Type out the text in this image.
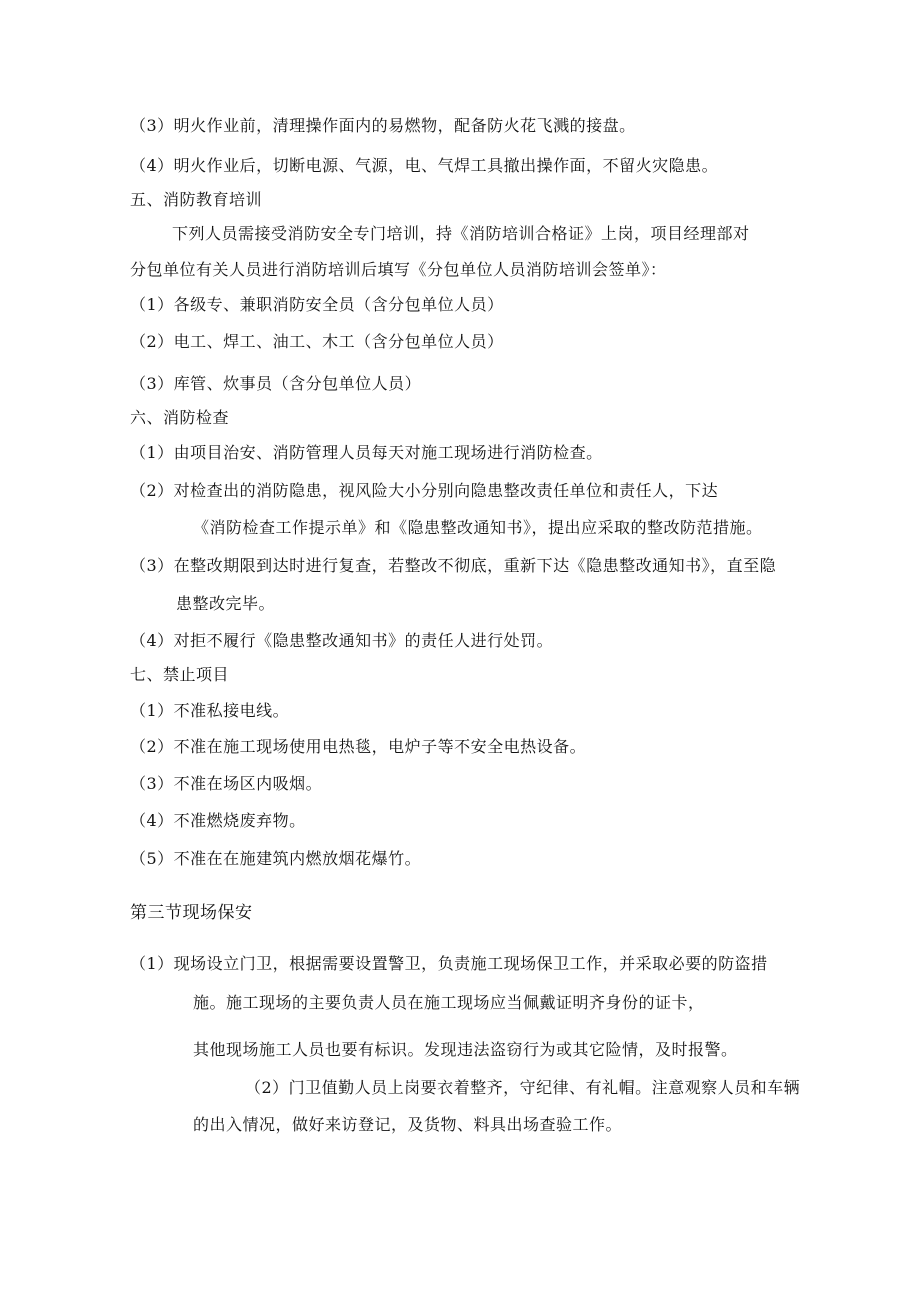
（3）明火作业前，清理操作面内的易燃物，配备防火花飞溅的接盘。
（4）明火作业后，切断电源、气源，电、气焊工具撤出操作面，不留火灾隐患。
五、消防教育培训
下列人员需接受消防安全专门培训，持《消防培训合格证》上岗，项目经理部对
分包单位有关人员进行消防培训后填写《分包单位人员消防培训会签单》：
（1）各级专、兼职消防安全员（含分包单位人员）
（2）电工、焊工、油工、木工（含分包单位人员）
（3）库管、炊事员（含分包单位人员）
六、消防检查
（1）由项目治安、消防管理人员每天对施工现场进行消防检查。
（2）对检查出的消防隐患，视风险大小分别向隐患整改责任单位和责任人，下达
《消防检查工作提示单》和《隐患整改通知书》，提出应采取的整改防范措施。
（3）在整改期限到达时进行复查，若整改不彻底，重新下达《隐患整改通知书》，直至隐
患整改完毕。
（4）对拒不履行《隐患整改通知书》的责任人进行处罚。
七、禁止项目
（1）不准私接电线。
（2）不准在施工现场使用电热毯，电炉子等不安全电热设备。
（3）不准在场区内吸烟。
（4）不准燃烧废弃物。
（5）不准在在施建筑内燃放烟花爆竹。
第三节现场保安
（1）现场设立门卫，根据需要设置警卫，负责施工现场保卫工作，并采取必要的防盗措
施。施工现场的主要负责人员在施工现场应当佩戴证明齐身份的证卡，
其他现场施工人员也要有标识。发现违法盗窃行为或其它险情，及时报警。
（2）门卫值勤人员上岗要衣着整齐，守纪律、有礼帽。注意观察人员和车辆
的出入情况，做好来访登记，及货物、料具出场查验工作。
